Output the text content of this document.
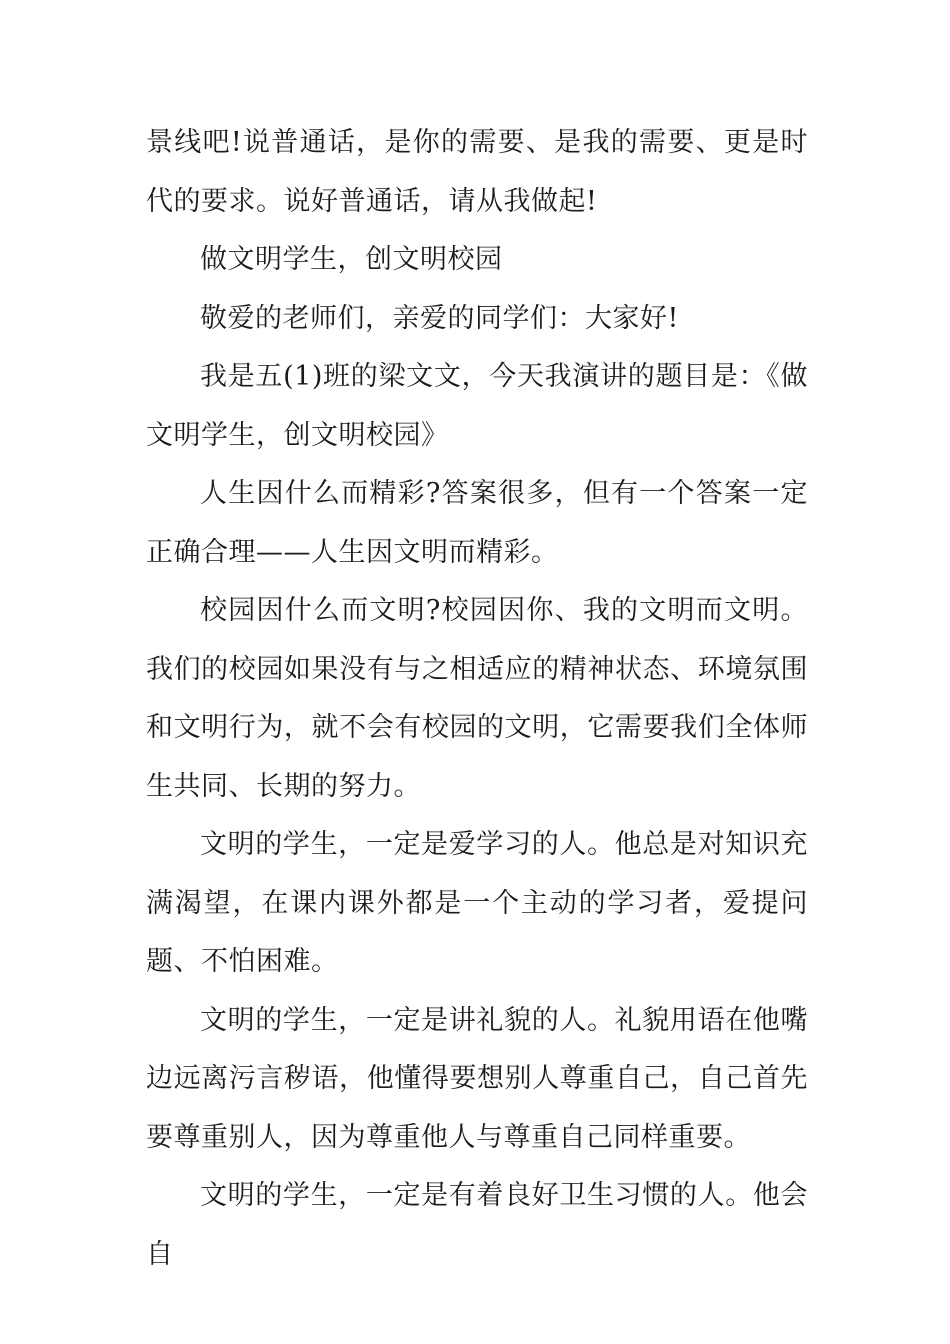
景线吧!说普通话，是你的需要、是我的需要、更是时代的要求。说好普通话，请从我做起!

做文明学生，创文明校园

敬爱的老师们，亲爱的同学们：大家好!

我是五(1)班的梁文文，今天我演讲的题目是：《做文明学生，创文明校园》

人生因什么而精彩?答案很多，但有一个答案一定正确合理——人生因文明而精彩。

校园因什么而文明?校园因你、我的文明而文明。我们的校园如果没有与之相适应的精神状态、环境氛围和文明行为，就不会有校园的文明，它需要我们全体师生共同、长期的努力。

文明的学生，一定是爱学习的人。他总是对知识充满渴望，在课内课外都是一个主动的学习者，爱提问题、不怕困难。

文明的学生，一定是讲礼貌的人。礼貌用语在他嘴边远离污言秽语，他懂得要想别人尊重自己，自己首先要尊重别人，因为尊重他人与尊重自己同样重要。

文明的学生，一定是有着良好卫生习惯的人。他会自
